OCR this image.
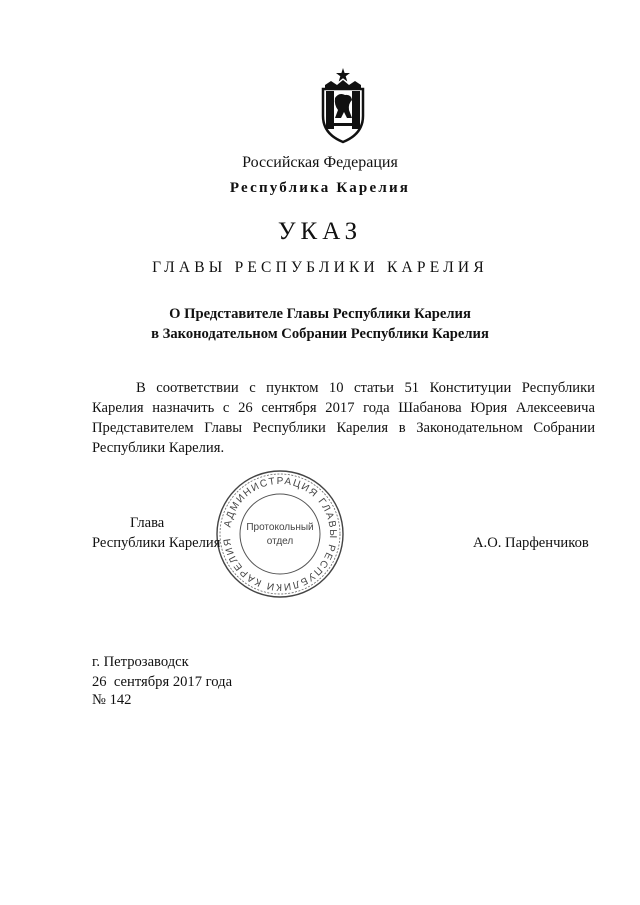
Российская Федерация
Республика Карелия
УКАЗ
ГЛАВЫ РЕСПУБЛИКИ КАРЕЛИЯ
О Представителе Главы Республики Карелия
в Законодательном Собрании Республики Карелия
В соответствии с пунктом 10 статьи 51 Конституции Республики Карелия назначить с 26 сентября 2017 года Шабанова Юрия Алексеевича Представителем Главы Республики Карелия в Законодательном Собрании Республики Карелия.
АДМИНИСТРАЦИЯ ГЛАВЫ РЕСПУБЛИКИ КАРЕЛИЯ
Протокольный
отдел
Глава
Республики Карелия	А.О. Парфенчиков
г. Петрозаводск
26  сентября 2017 года
№ 142
